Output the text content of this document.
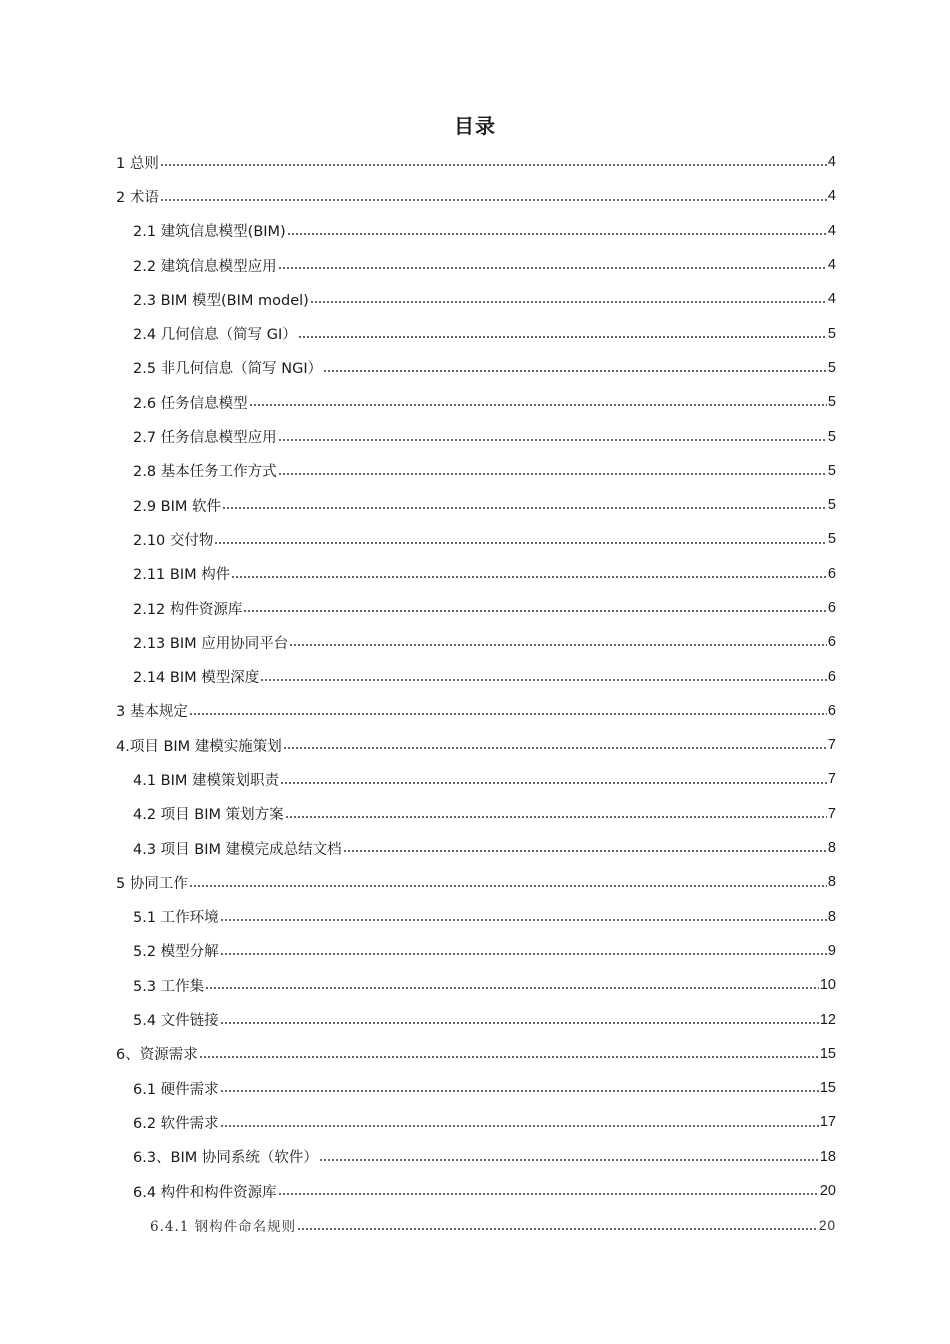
目录
1 总则	4
2 术语	4
2.1 建筑信息模型(BIM)	4
2.2 建筑信息模型应用	4
2.3 BIM 模型(BIM model)	4
2.4 几何信息（简写 GI）	5
2.5 非几何信息（简写 NGI）	5
2.6 任务信息模型	5
2.7 任务信息模型应用	5
2.8 基本任务工作方式	5
2.9 BIM 软件	5
2.10 交付物	5
2.11 BIM 构件	6
2.12 构件资源库	6
2.13 BIM 应用协同平台	6
2.14 BIM 模型深度	6
3 基本规定	6
4.项目 BIM 建模实施策划	7
4.1 BIM 建模策划职责	7
4.2 项目 BIM 策划方案	7
4.3 项目 BIM 建模完成总结文档	8
5 协同工作	8
5.1 工作环境	8
5.2 模型分解	9
5.3 工作集	10
5.4 文件链接	12
6、资源需求	15
6.1 硬件需求	15
6.2 软件需求	17
6.3、BIM 协同系统（软件）	18
6.4 构件和构件资源库	20
6.4.1 钢构件命名规则	20
